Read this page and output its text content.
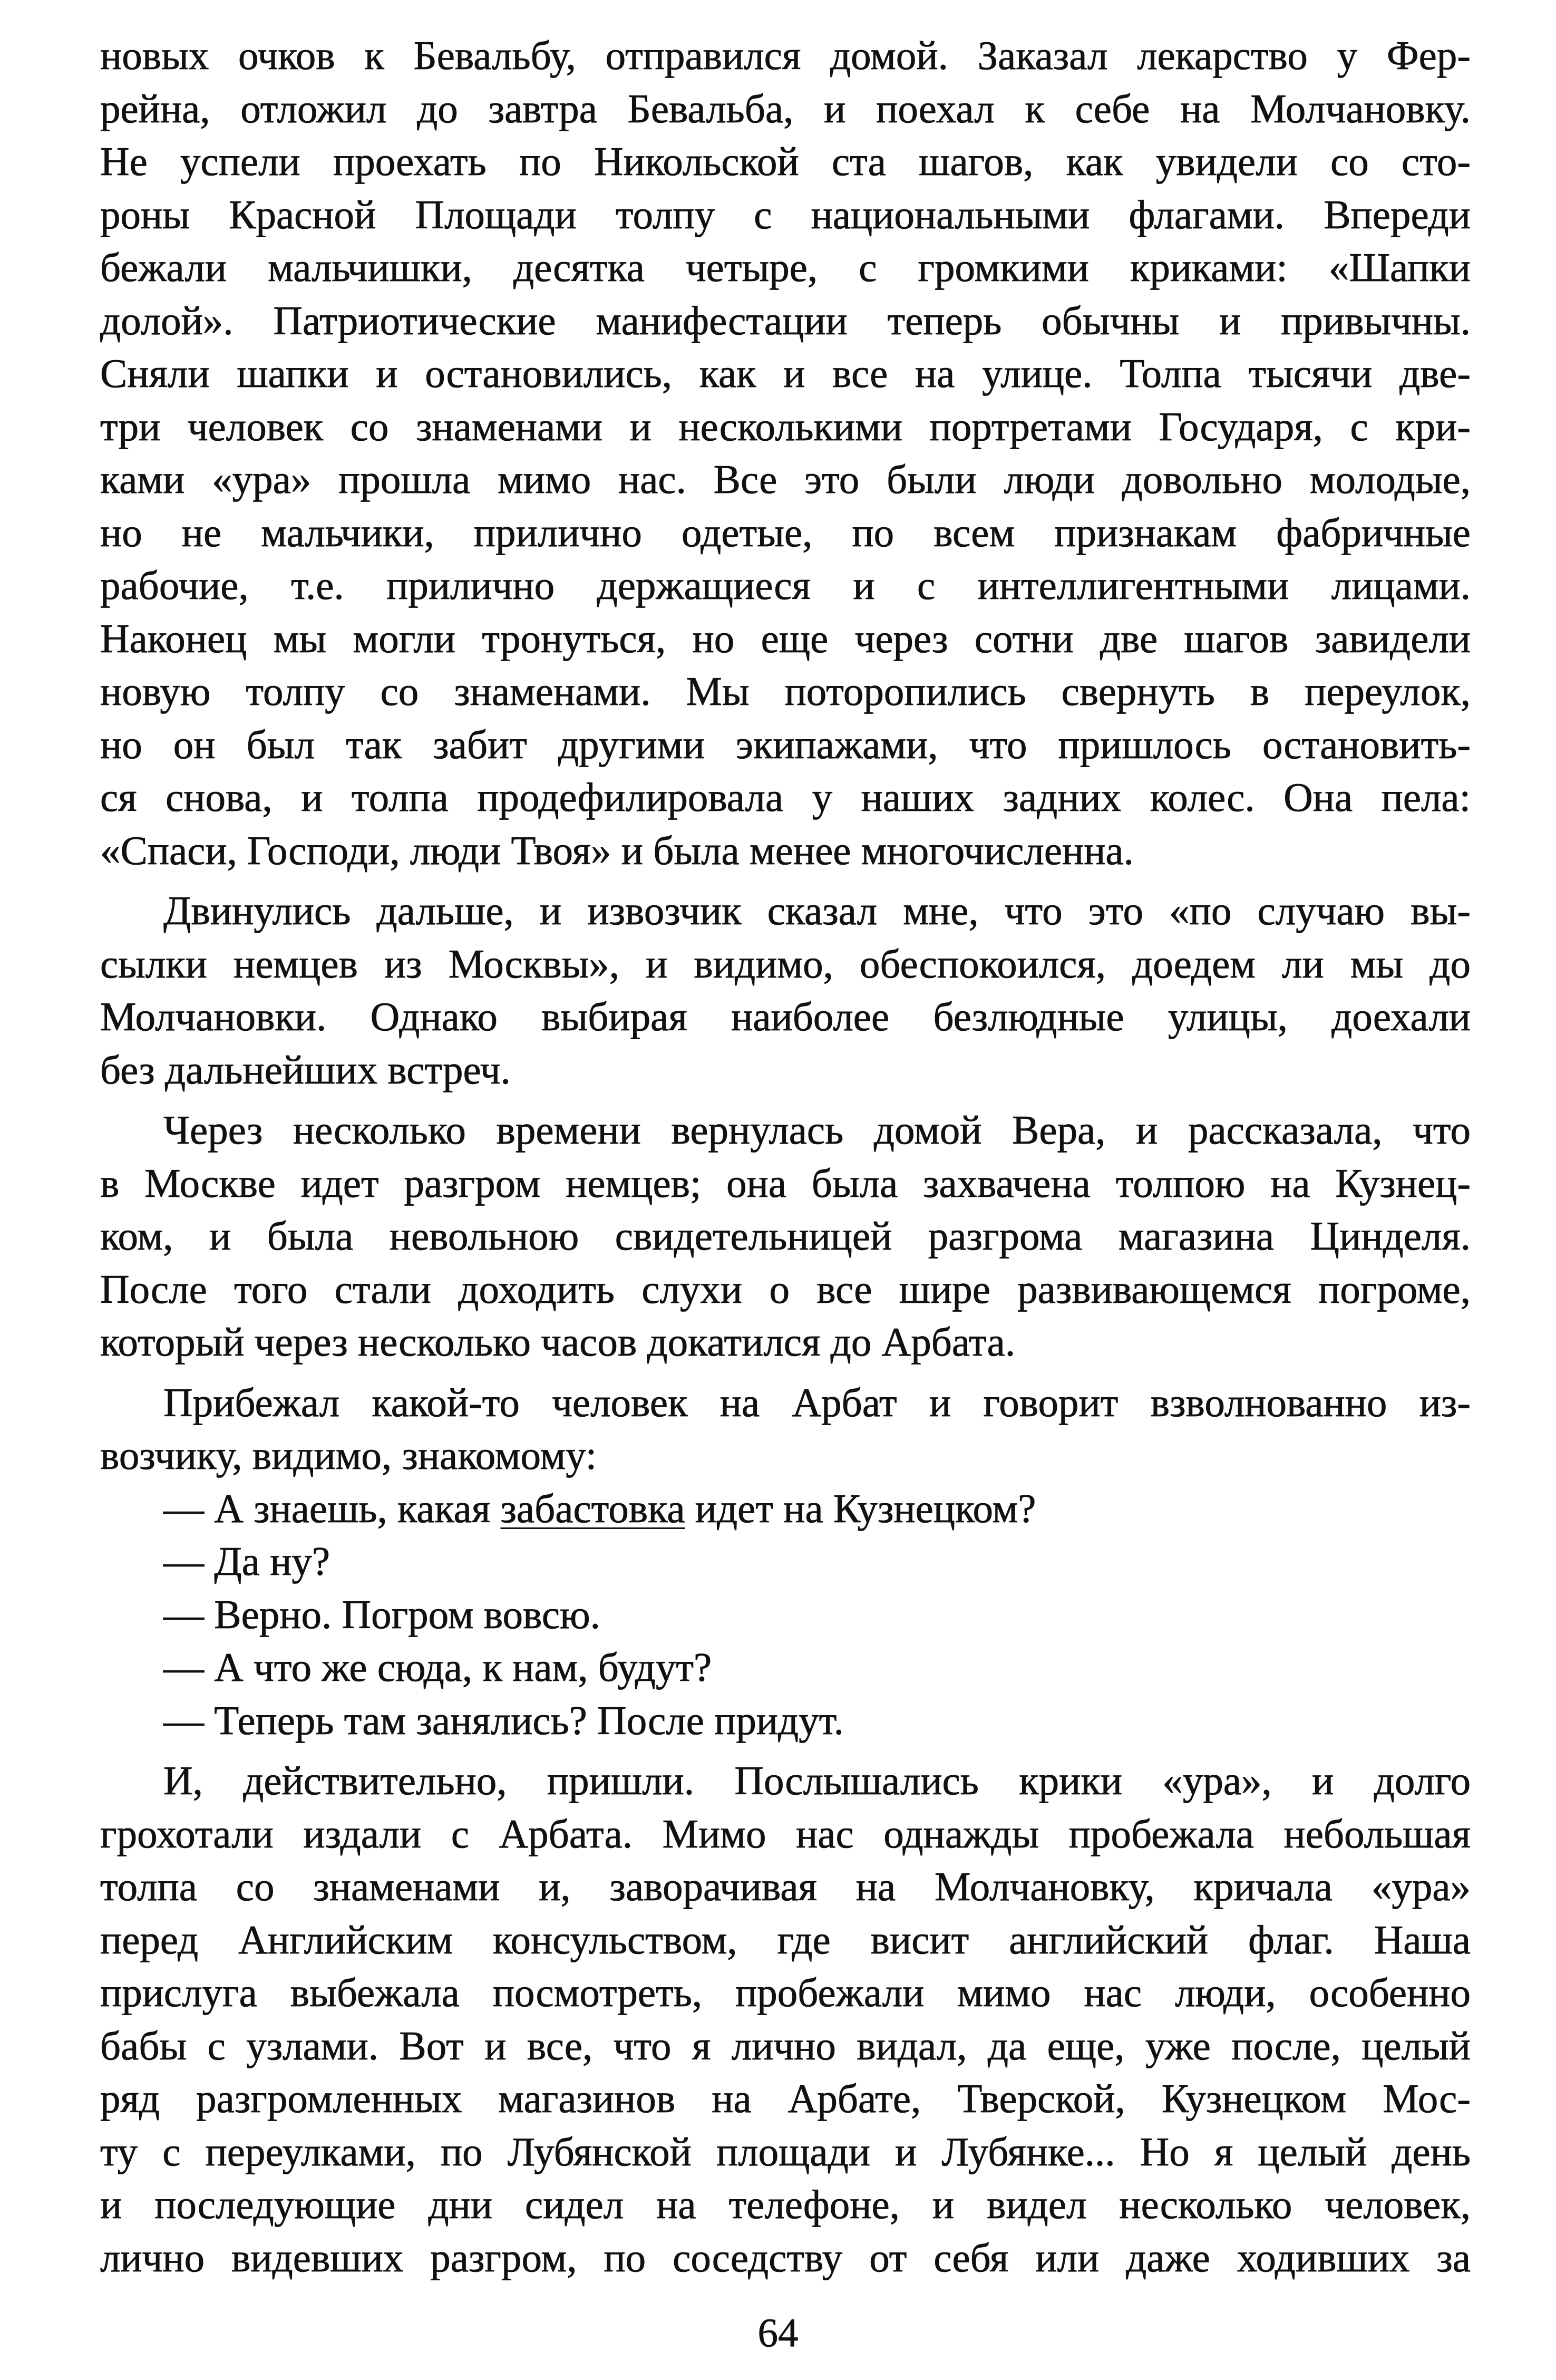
новых очков к Бевальбу, отправился домой. Заказал лекарство у Фер-
рейна, отложил до завтра Бевальба, и поехал к себе на Молчановку.
Не успели проехать по Никольской ста шагов, как увидели со сто-
роны Красной Площади толпу с национальными флагами. Впереди
бежали мальчишки, десятка четыре, с громкими криками: «Шапки
долой». Патриотические манифестации теперь обычны и привычны.
Сняли шапки и остановились, как и все на улице. Толпа тысячи две-
три человек со знаменами и несколькими портретами Государя, с кри-
ками «ура» прошла мимо нас. Все это были люди довольно молодые,
но не мальчики, прилично одетые, по всем признакам фабричные
рабочие, т.е. прилично держащиеся и с интеллигентными лицами.
Наконец мы могли тронуться, но еще через сотни две шагов завидели
новую толпу со знаменами. Мы поторопились свернуть в переулок,
но он был так забит другими экипажами, что пришлось остановить-
ся снова, и толпа продефилировала у наших задних колес. Она пела:
«Спаси, Господи, люди Твоя» и была менее многочисленна.
Двинулись дальше, и извозчик сказал мне, что это «по случаю вы-
сылки немцев из Москвы», и видимо, обеспокоился, доедем ли мы до
Молчановки. Однако выбирая наиболее безлюдные улицы, доехали
без дальнейших встреч.
Через несколько времени вернулась домой Вера, и рассказала, что
в Москве идет разгром немцев; она была захвачена толпою на Кузнец-
ком, и была невольною свидетельницей разгрома магазина Цинделя.
После того стали доходить слухи о все шире развивающемся погроме,
который через несколько часов докатился до Арбата.
Прибежал какой-то человек на Арбат и говорит взволнованно из-
возчику, видимо, знакомому:
— А знаешь, какая забастовка идет на Кузнецком?
— Да ну?
— Верно. Погром вовсю.
— А что же сюда, к нам, будут?
— Теперь там занялись? После придут.
И, действительно, пришли. Послышались крики «ура», и долго
грохотали издали с Арбата. Мимо нас однажды пробежала небольшая
толпа со знаменами и, заворачивая на Молчановку, кричала «ура»
перед Английским консульством, где висит английский флаг. Наша
прислуга выбежала посмотреть, пробежали мимо нас люди, особенно
бабы с узлами. Вот и все, что я лично видал, да еще, уже после, целый
ряд разгромленных магазинов на Арбате, Тверской, Кузнецком Мос-
ту с переулками, по Лубянской площади и Лубянке... Но я целый день
и последующие дни сидел на телефоне, и видел несколько человек,
лично видевших разгром, по соседству от себя или даже ходивших за
64
